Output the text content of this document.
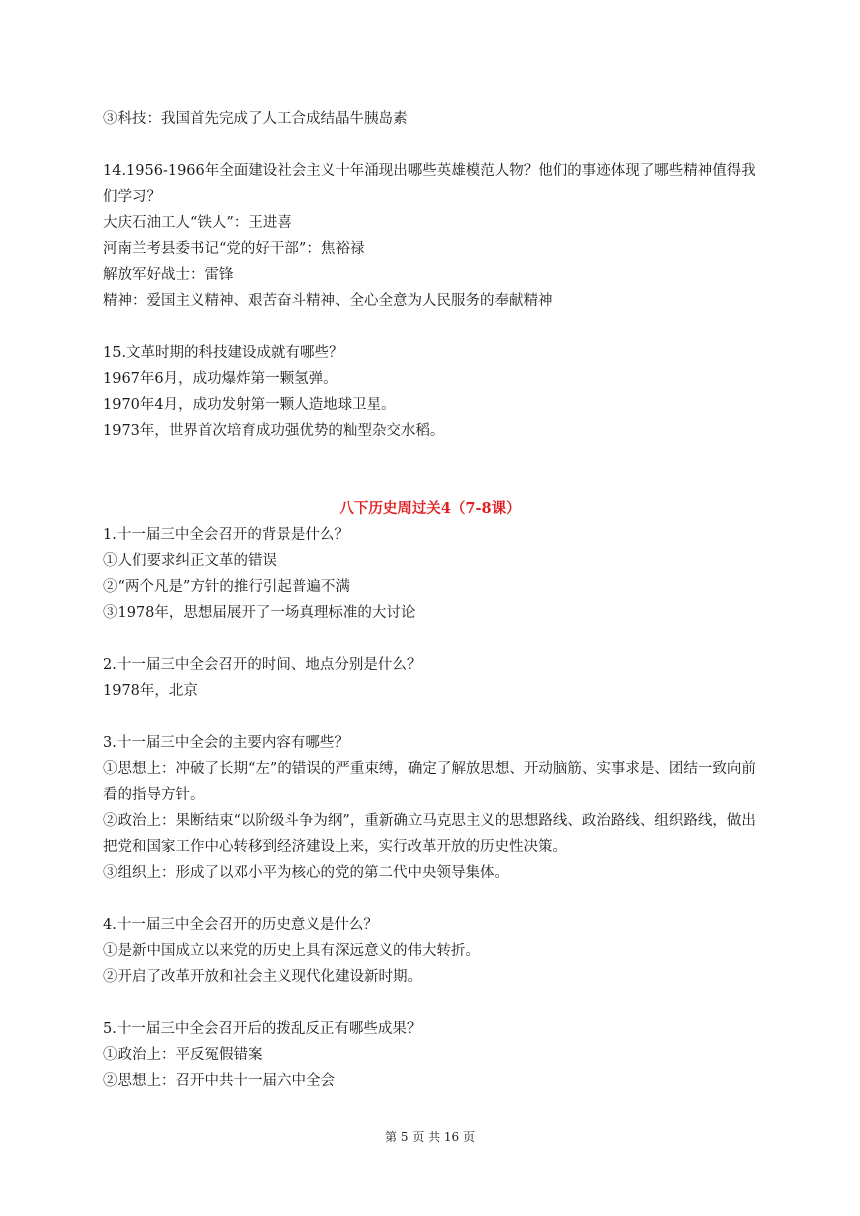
③科技：我国首先完成了人工合成结晶牛胰岛素
14.1956-1966年全面建设社会主义十年涌现出哪些英雄模范人物？他们的事迹体现了哪些精神值得我们学习？
大庆石油工人“铁人”：王进喜
河南兰考县委书记“党的好干部”：焦裕禄
解放军好战士：雷锋
精神：爱国主义精神、艰苦奋斗精神、全心全意为人民服务的奉献精神
15.文革时期的科技建设成就有哪些？
1967年6月，成功爆炸第一颗氢弹。
1970年4月，成功发射第一颗人造地球卫星。
1973年，世界首次培育成功强优势的籼型杂交水稻。
八下历史周过关4（7-8课）
1.十一届三中全会召开的背景是什么？
①人们要求纠正文革的错误
②“两个凡是”方针的推行引起普遍不满
③1978年，思想届展开了一场真理标准的大讨论
2.十一届三中全会召开的时间、地点分别是什么？
1978年，北京
3.十一届三中全会的主要内容有哪些？
①思想上：冲破了长期“左”的错误的严重束缚，确定了解放思想、开动脑筋、实事求是、团结一致向前看的指导方针。
②政治上：果断结束“以阶级斗争为纲”，重新确立马克思主义的思想路线、政治路线、组织路线，做出把党和国家工作中心转移到经济建设上来，实行改革开放的历史性决策。
③组织上：形成了以邓小平为核心的党的第二代中央领导集体。
4.十一届三中全会召开的历史意义是什么？
①是新中国成立以来党的历史上具有深远意义的伟大转折。
②开启了改革开放和社会主义现代化建设新时期。
5.十一届三中全会召开后的拨乱反正有哪些成果？
①政治上：平反冤假错案
②思想上：召开中共十一届六中全会
第 5 页 共 16 页
